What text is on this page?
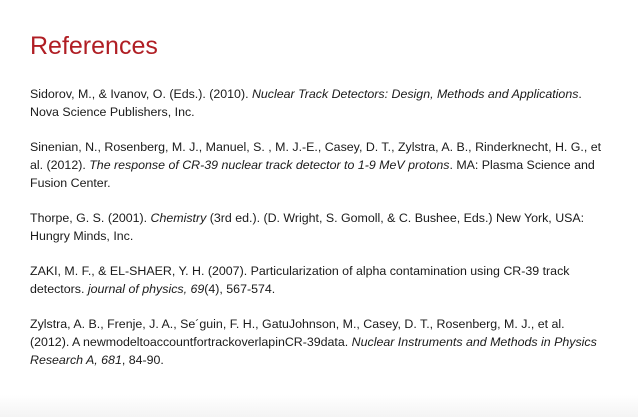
References

Sidorov, M., & Ivanov, O. (Eds.). (2010). Nuclear Track Detectors: Design, Methods and Applications. Nova Science Publishers, Inc.

Sinenian, N., Rosenberg, M. J., Manuel, S. , M. J.-E., Casey, D. T., Zylstra, A. B., Rinderknecht, H. G., et al. (2012). The response of CR-39 nuclear track detector to 1-9 MeV protons. MA: Plasma Science and Fusion Center.

Thorpe, G. S. (2001). Chemistry (3rd ed.). (D. Wright, S. Gomoll, & C. Bushee, Eds.) New York, USA: Hungry Minds, Inc.

ZAKI, M. F., & EL-SHAER, Y. H. (2007). Particularization of alpha contamination using CR-39 track detectors. journal of physics, 69(4), 567-574.

Zylstra, A. B., Frenje, J. A., Se´guin, F. H., GatuJohnson, M., Casey, D. T., Rosenberg, M. J., et al. (2012). A newmodeltoaccountfortrackoverlapinCR-39data. Nuclear Instruments and Methods in Physics Research A, 681, 84-90.
